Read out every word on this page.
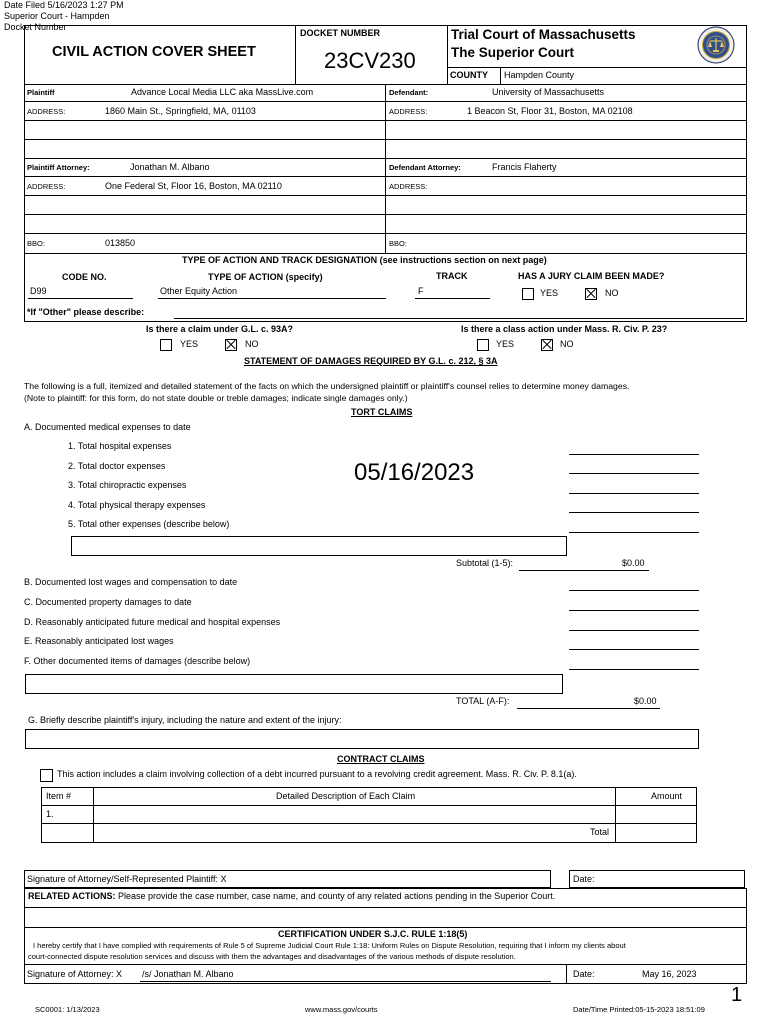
Date Filed 5/16/2023 1:27 PM
Superior Court - Hampden
Docket Number
CIVIL ACTION COVER SHEET
DOCKET NUMBER
23CV230
Trial Court of Massachusetts
The Superior Court
COUNTY Hampden County
Plaintiff	Advance Local Media LLC aka MassLive.com	Defendant:	University of Massachusetts
ADDRESS:	1860 Main St., Springfield, MA, 01103	ADDRESS:	1 Beacon St, Floor 31, Boston, MA 02108
Plaintiff Attorney:	Jonathan M. Albano	Defendant Attorney:	Francis Flaherty
ADDRESS:	One Federal St, Floor 16, Boston, MA 02110	ADDRESS:
BBO:	013850	BBO:
TYPE OF ACTION AND TRACK DESIGNATION (see instructions section on next page)
CODE NO.	TYPE OF ACTION (specify)	TRACK	HAS A JURY CLAIM BEEN MADE?
D99	Other Equity Action	F	YES	NO
*If "Other" please describe:
Is there a claim under G.L. c. 93A?
YES	NO
Is there a class action under Mass. R. Civ. P. 23?
YES	NO
STATEMENT OF DAMAGES REQUIRED BY G.L. c. 212, § 3A
The following is a full, itemized and detailed statement of the facts on which the undersigned plaintiff or plaintiff's counsel relies to determine money damages.
(Note to plaintiff: for this form, do not state double or treble damages; indicate single damages only.)
TORT CLAIMS
A. Documented medical expenses to date
1. Total hospital expenses
2. Total doctor expenses
3. Total chiropractic expenses
4. Total physical therapy expenses
5. Total other expenses (describe below)
05/16/2023
Subtotal (1-5):	$0.00
B. Documented lost wages and compensation to date
C. Documented property damages to date
D. Reasonably anticipated future medical and hospital expenses
E. Reasonably anticipated lost wages
F. Other documented items of damages (describe below)
TOTAL (A-F):	$0.00
G. Briefly describe plaintiff's injury, including the nature and extent of the injury:
CONTRACT CLAIMS
This action includes a claim involving collection of a debt incurred pursuant to a revolving credit agreement. Mass. R. Civ. P. 8.1(a).
Item #	Detailed Description of Each Claim	Amount
1.
Total
Signature of Attorney/Self-Represented Plaintiff: X	Date:
RELATED ACTIONS: Please provide the case number, case name, and county of any related actions pending in the Superior Court.
CERTIFICATION UNDER S.J.C. RULE 1:18(5)
I hereby certify that I have complied with requirements of Rule 5 of Supreme Judicial Court Rule 1:18: Uniform Rules on Dispute Resolution, requiring that I inform my clients about
court-connected dispute resolution services and discuss with them the advantages and disadvantages of the various methods of dispute resolution.
Signature of Attorney: X /s/ Jonathan M. Albano	Date:	May 16, 2023
SC0001: 1/13/2023	www.mass.gov/courts	Date/Time Printed:05-15-2023 18:51:09
1
